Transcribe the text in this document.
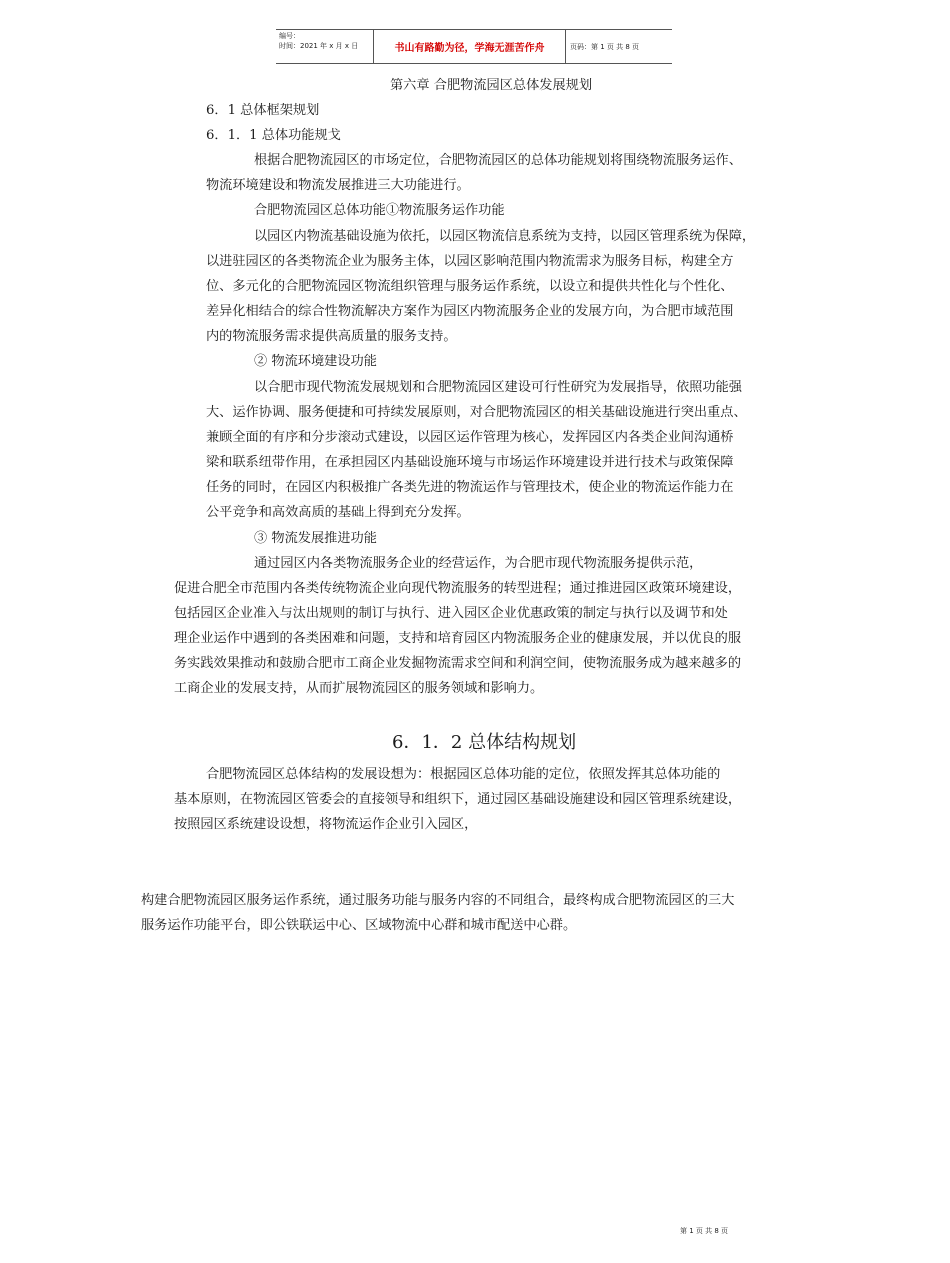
编号：
时间：2021 年 x 月 x 日	书山有路勤为径，学海无涯苦作舟	页码：第 1 页 共 8 页
第六章 合肥物流园区总体发展规划
6．1 总体框架规划
6．1．1 总体功能规戈
根据合肥物流园区的市场定位，合肥物流园区的总体功能规划将围绕物流服务运作、
物流环境建设和物流发展推进三大功能进行。
合肥物流园区总体功能①物流服务运作功能
以园区内物流基础设施为依托，以园区物流信息系统为支持，以园区管理系统为保障，
以进驻园区的各类物流企业为服务主体，以园区影响范围内物流需求为服务目标，构建全方
位、多元化的合肥物流园区物流组织管理与服务运作系统，以设立和提供共性化与个性化、
差异化相结合的综合性物流解决方案作为园区内物流服务企业的发展方向，为合肥市域范围
内的物流服务需求提供高质量的服务支持。
② 物流环境建设功能
以合肥市现代物流发展规划和合肥物流园区建设可行性研究为发展指导，依照功能强
大、运作协调、服务便捷和可持续发展原则，对合肥物流园区的相关基础设施进行突出重点、
兼顾全面的有序和分步滚动式建设，以园区运作管理为核心，发挥园区内各类企业间沟通桥
梁和联系纽带作用，在承担园区内基础设施环境与市场运作环境建设并进行技术与政策保障
任务的同时，在园区内积极推广各类先进的物流运作与管理技术，使企业的物流运作能力在
公平竞争和高效高质的基础上得到充分发挥。
③ 物流发展推进功能
通过园区内各类物流服务企业的经营运作，为合肥市现代物流服务提供示范，
促进合肥全市范围内各类传统物流企业向现代物流服务的转型进程；通过推进园区政策环境建设，
包括园区企业准入与汰出规则的制订与执行、进入园区企业优惠政策的制定与执行以及调节和处
理企业运作中遇到的各类困难和问题，支持和培育园区内物流服务企业的健康发展，并以优良的服
务实践效果推动和鼓励合肥市工商企业发掘物流需求空间和利润空间，使物流服务成为越来越多的
工商企业的发展支持，从而扩展物流园区的服务领域和影响力。
6．1．2 总体结构规划
合肥物流园区总体结构的发展设想为：根据园区总体功能的定位，依照发挥其总体功能的
基本原则，在物流园区管委会的直接领导和组织下，通过园区基础设施建设和园区管理系统建设，
按照园区系统建设设想，将物流运作企业引入园区，
构建合肥物流园区服务运作系统，通过服务功能与服务内容的不同组合，最终构成合肥物流园区的三大
服务运作功能平台，即公铁联运中心、区域物流中心群和城市配送中心群。
第 1 页 共 8 页
